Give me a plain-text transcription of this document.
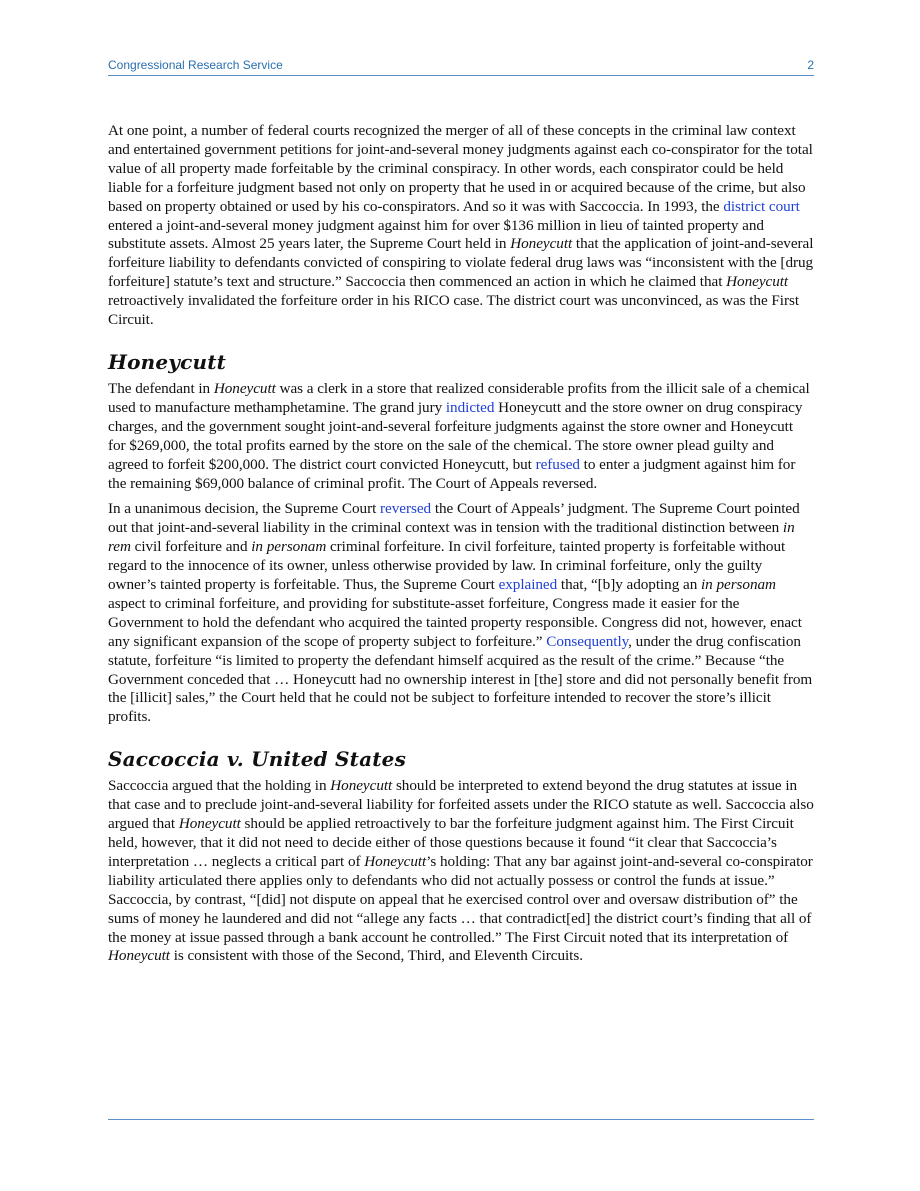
Congressional Research Service	2

At one point, a number of federal courts recognized the merger of all of these concepts in the criminal law context and entertained government petitions for joint-and-several money judgments against each co-conspirator for the total value of all property made forfeitable by the criminal conspiracy. In other words, each conspirator could be held liable for a forfeiture judgment based not only on property that he used in or acquired because of the crime, but also based on property obtained or used by his co-conspirators. And so it was with Saccoccia. In 1993, the district court entered a joint-and-several money judgment against him for over $136 million in lieu of tainted property and substitute assets. Almost 25 years later, the Supreme Court held in Honeycutt that the application of joint-and-several forfeiture liability to defendants convicted of conspiring to violate federal drug laws was “inconsistent with the [drug forfeiture] statute’s text and structure.” Saccoccia then commenced an action in which he claimed that Honeycutt retroactively invalidated the forfeiture order in his RICO case. The district court was unconvinced, as was the First Circuit.

Honeycutt

The defendant in Honeycutt was a clerk in a store that realized considerable profits from the illicit sale of a chemical used to manufacture methamphetamine. The grand jury indicted Honeycutt and the store owner on drug conspiracy charges, and the government sought joint-and-several forfeiture judgments against the store owner and Honeycutt for $269,000, the total profits earned by the store on the sale of the chemical. The store owner plead guilty and agreed to forfeit $200,000. The district court convicted Honeycutt, but refused to enter a judgment against him for the remaining $69,000 balance of criminal profit. The Court of Appeals reversed.

In a unanimous decision, the Supreme Court reversed the Court of Appeals’ judgment. The Supreme Court pointed out that joint-and-several liability in the criminal context was in tension with the traditional distinction between in rem civil forfeiture and in personam criminal forfeiture. In civil forfeiture, tainted property is forfeitable without regard to the innocence of its owner, unless otherwise provided by law. In criminal forfeiture, only the guilty owner’s tainted property is forfeitable. Thus, the Supreme Court explained that, “[b]y adopting an in personam aspect to criminal forfeiture, and providing for substitute-asset forfeiture, Congress made it easier for the Government to hold the defendant who acquired the tainted property responsible. Congress did not, however, enact any significant expansion of the scope of property subject to forfeiture.” Consequently, under the drug confiscation statute, forfeiture “is limited to property the defendant himself acquired as the result of the crime.” Because “the Government conceded that … Honeycutt had no ownership interest in [the] store and did not personally benefit from the [illicit] sales,” the Court held that he could not be subject to forfeiture intended to recover the store’s illicit profits.

Saccoccia v. United States

Saccoccia argued that the holding in Honeycutt should be interpreted to extend beyond the drug statutes at issue in that case and to preclude joint-and-several liability for forfeited assets under the RICO statute as well. Saccoccia also argued that Honeycutt should be applied retroactively to bar the forfeiture judgment against him. The First Circuit held, however, that it did not need to decide either of those questions because it found “it clear that Saccoccia’s interpretation … neglects a critical part of Honeycutt’s holding: That any bar against joint-and-several co-conspirator liability articulated there applies only to defendants who did not actually possess or control the funds at issue.” Saccoccia, by contrast, “[did] not dispute on appeal that he exercised control over and oversaw distribution of” the sums of money he laundered and did not “allege any facts … that contradict[ed] the district court’s finding that all of the money at issue passed through a bank account he controlled.” The First Circuit noted that its interpretation of Honeycutt is consistent with those of the Second, Third, and Eleventh Circuits.
